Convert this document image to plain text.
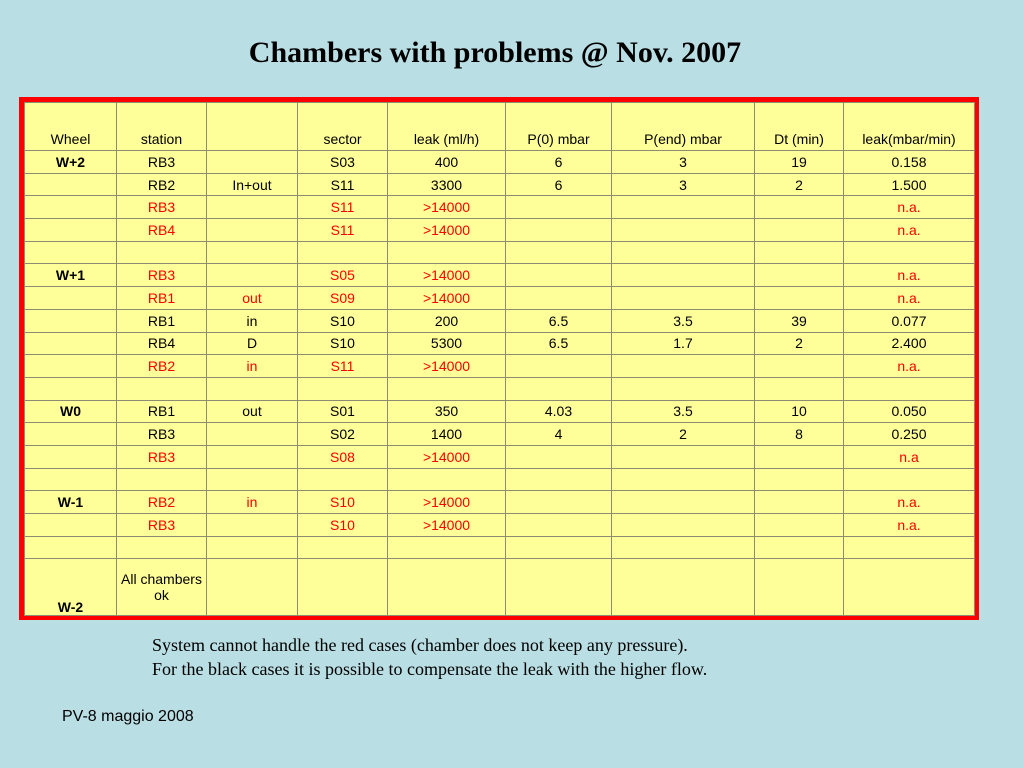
Chambers with problems @ Nov. 2007
Wheel	station		sector	leak (ml/h)	P(0) mbar	P(end) mbar	Dt (min)	leak(mbar/min)
W+2	RB3		S03	400	6	3	19	0.158
	RB2	In+out	S11	3300	6	3	2	1.500
	RB3		S11	>14000				n.a.
	RB4		S11	>14000				n.a.

W+1	RB3		S05	>14000				n.a.
	RB1	out	S09	>14000				n.a.
	RB1	in	S10	200	6.5	3.5	39	0.077
	RB4	D	S10	5300	6.5	1.7	2	2.400
	RB2	in	S11	>14000				n.a.

W0	RB1	out	S01	350	4.03	3.5	10	0.050
	RB3		S02	1400	4	2	8	0.250
	RB3		S08	>14000				n.a

W-1	RB2	in	S10	>14000				n.a.
	RB3		S10	>14000				n.a.

W-2	All chambers ok							
System cannot handle the red cases (chamber does not keep any pressure).
For the black cases it is possible to compensate the leak with the higher flow.
PV-8 maggio 2008
